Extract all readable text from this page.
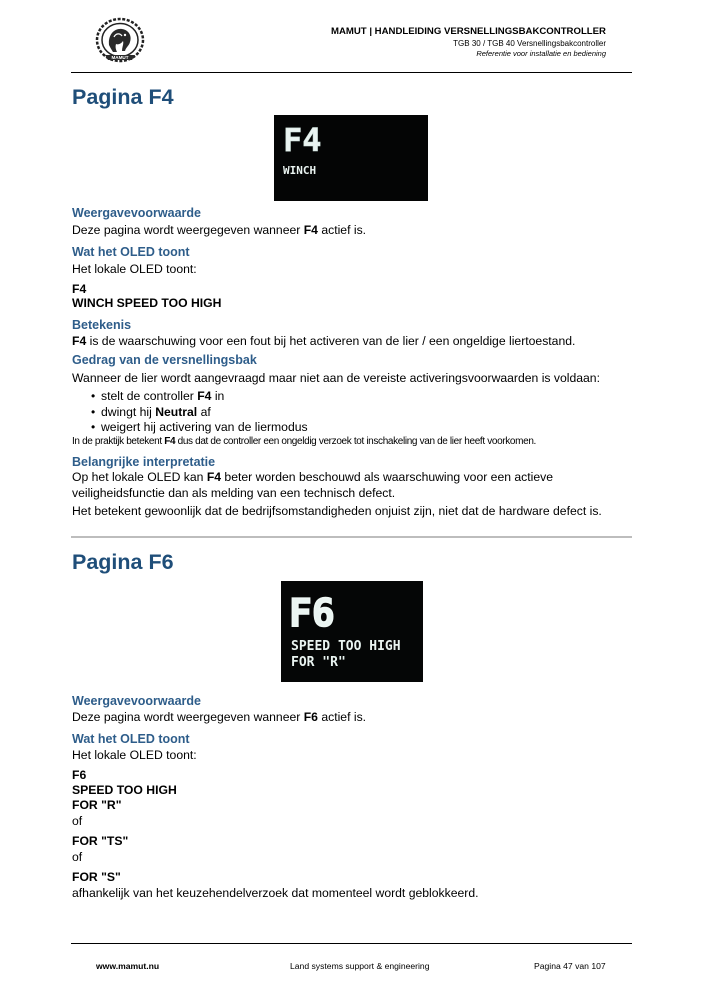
MAMUT
MAMUT | HANDLEIDING VERSNELLINGSBAKCONTROLLER
TGB 30 / TGB 40 Versnellingsbakcontroller
Referentie voor installatie en bediening
Pagina F4
F4
WINCH
Weergavevoorwaarde
Deze pagina wordt weergegeven wanneer F4 actief is.
Wat het OLED toont
Het lokale OLED toont:
F4
WINCH SPEED TOO HIGH
Betekenis
F4 is de waarschuwing voor een fout bij het activeren van de lier / een ongeldige liertoestand.
Gedrag van de versnellingsbak
Wanneer de lier wordt aangevraagd maar niet aan de vereiste activeringsvoorwaarden is voldaan:
• stelt de controller F4 in
• dwingt hij Neutral af
• weigert hij activering van de liermodus
In de praktijk betekent F4 dus dat de controller een ongeldig verzoek tot inschakeling van de lier heeft voorkomen.
Belangrijke interpretatie
Op het lokale OLED kan F4 beter worden beschouwd als waarschuwing voor een actieve
veiligheidsfunctie dan als melding van een technisch defect.
Het betekent gewoonlijk dat de bedrijfsomstandigheden onjuist zijn, niet dat de hardware defect is.
Pagina F6
F6
SPEED TOO HIGH
FOR "R"
Weergavevoorwaarde
Deze pagina wordt weergegeven wanneer F6 actief is.
Wat het OLED toont
Het lokale OLED toont:
F6
SPEED TOO HIGH
FOR "R"
of
FOR "TS"
of
FOR "S"
afhankelijk van het keuzehendelverzoek dat momenteel wordt geblokkeerd.
www.mamut.nu	Land systems support & engineering	Pagina 47 van 107
